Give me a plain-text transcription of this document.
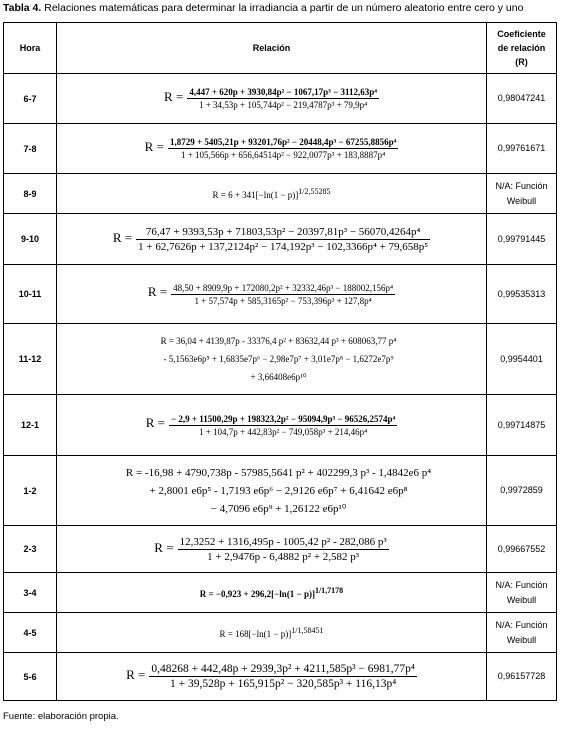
Tabla 4. Relaciones matemáticas para determinar la irradiancia a partir de un número aleatorio entre cero y uno
Hora	Relación	Coeficiente
de relación
(R)
6-7	$R = \frac{\text{4,447 + 620p + 3930,84p² − 1067,17p³ − 3112,63p⁴}}{\text{1 + 34,53p + 105,744p² − 219,4787p³ + 79,9p⁴}}$	0,98047241
7-8	$R = \frac{\text{1,8729 + 5405,21p + 93201,76p² − 20448,4p³ − 67255,8856p⁴}}{\text{1 + 105,566p + 656,64514p² − 922,0077p³ + 183,8887p⁴}}$	0,99761671
8-9	R = 6 + 341[−ln(1 − p)]1/2,55285	N/A: Función
Weibull
9-10	R = 76,47 + 9393,53p + 71803,53p² − 20397,81p³ − 56070,4264p⁴
1 + 62,7626p + 137,2124p² − 174,192p³ − 102,3366p⁴ + 79,658p⁵	0,99791445
10-11	$R = \frac{\text{48,50 + 8909,9p + 172080,2p² + 32332,46p³ − 188002,156p⁴}}{\text{1 + 57,574p + 585,3165p² − 753,396p³ + 127,8p⁴}}$	0,99535313
11-12	R = 36,04 + 4139,87p - 33376,4 p² + 83632,44 p³ + 608063,77 p⁴
- 5,1563e6p⁵ + 1,6835e7p⁶ − 2,98e7p⁷ + 3,01e7p⁸ − 1,6272e7p⁹
+ 3,66408e6p¹⁰	0,9954401
12-1	$R = \frac{\text{− 2,9 + 11500,29p + 198323,2p² − 95094,9p³ − 96526,2574p⁴}}{\text{1 + 104,7p + 442,83p² − 749,058p³ + 214,46p⁴}}$	0,99714875
1-2	R = -16,98 + 4790,738p - 57985,5641 p² + 402299,3 p³ - 1,4842e6 p⁴
+ 2,8001 e6p⁵ - 1,7193 e6p⁶ − 2,9126 e6p⁷ + 6,41642 e6p⁸
− 4,7096 e6p⁹ + 1,26122 e6p¹⁰	0,9972859
2-3	$R = \frac{\text{12,3252 + 1316,495p - 1005,42 p² - 282,086 p³}}{\text{1 + 2,9476p - 6,4882 p² + 2,582 p³}}$	0,99667552
3-4	R = −0,923 + 296,2[−ln(1 − p)]1/1,7178	N/A: Función
Weibull
4-5	R = 168[−ln(1 − p)]1/1,58451	N/A: Función
Weibull
5-6	$R = \frac{\text{0,48268 + 442,48p + 2939,3p² + 4211,585p³ − 6981,77p⁴}}{\text{1 + 39,528p + 165,915p² − 320,585p³ + 116,13p⁴}}$	0,96157728
Fuente: elaboración propia.
